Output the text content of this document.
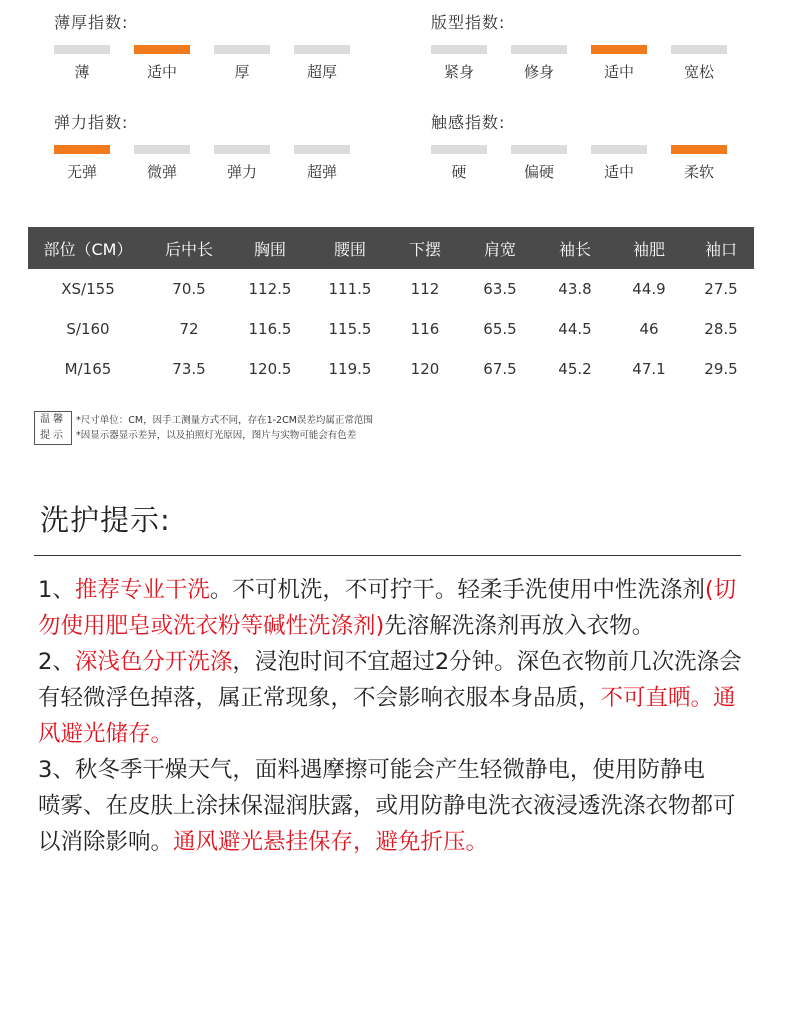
薄厚指数:
薄	适中	厚	超厚
版型指数:
紧身	修身	适中	宽松
弹力指数:
无弹	微弹	弹力	超弹
触感指数:
硬	偏硬	适中	柔软
部位（CM）	后中长	胸围	腰围	下摆	肩宽	袖长	袖肥	袖口
XS/155	70.5	112.5	111.5	112	63.5	43.8	44.9	27.5
S/160	72	116.5	115.5	116	65.5	44.5	46	28.5
M/165	73.5	120.5	119.5	120	67.5	45.2	47.1	29.5
温馨
提示
*尺寸单位：CM，因手工测量方式不同，存在1-2CM误差均属正常范围
*因显示器显示差异，以及拍照灯光原因，图片与实物可能会有色差
洗护提示:

1、推荐专业干洗。不可机洗，不可拧干。轻柔手洗使用中性洗涤剂(切勿使用肥皂或洗衣粉等碱性洗涤剂)先溶解洗涤剂再放入衣物。

2、深浅色分开洗涤，浸泡时间不宜超过2分钟。深色衣物前几次洗涤会有轻微浮色掉落，属正常现象，不会影响衣服本身品质，不可直晒。通风避光储存。

3、秋冬季干燥天气，面料遇摩擦可能会产生轻微静电，使用防静电

喷雾、在皮肤上涂抹保湿润肤露，或用防静电洗衣液浸透洗涤衣物都可以消除影响。通风避光悬挂保存，避免折压。
